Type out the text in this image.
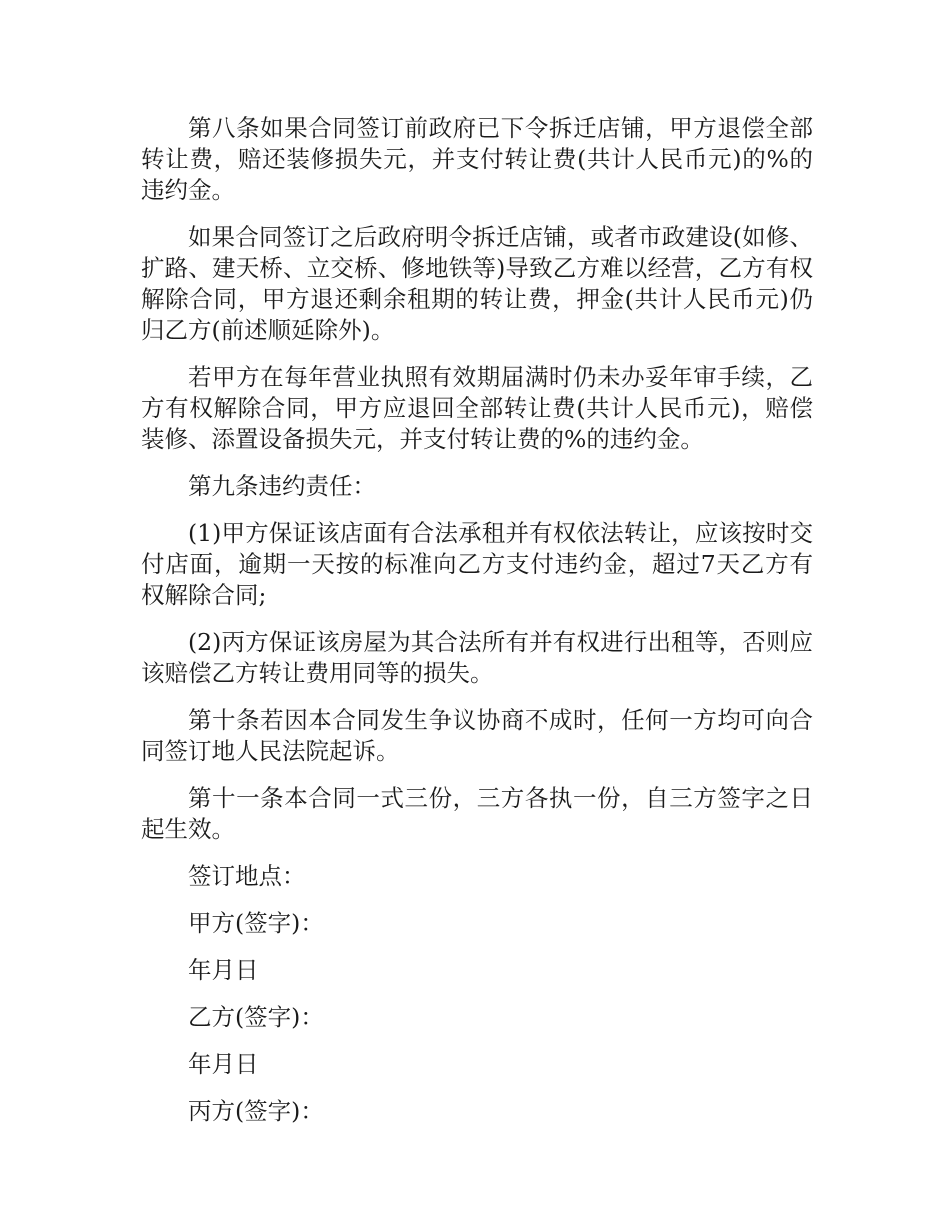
第八条如果合同签订前政府已下令拆迁店铺，甲方退偿全部转让费，赔还装修损失元，并支付转让费(共计人民币元)的%的违约金。

如果合同签订之后政府明令拆迁店铺，或者市政建设(如修、扩路、建天桥、立交桥、修地铁等)导致乙方难以经营，乙方有权解除合同，甲方退还剩余租期的转让费，押金(共计人民币元)仍归乙方(前述顺延除外)。

若甲方在每年营业执照有效期届满时仍未办妥年审手续，乙方有权解除合同，甲方应退回全部转让费(共计人民币元)，赔偿装修、添置设备损失元，并支付转让费的%的违约金。

第九条违约责任：

(1)甲方保证该店面有合法承租并有权依法转让，应该按时交付店面，逾期一天按的标准向乙方支付违约金，超过7天乙方有权解除合同;

(2)丙方保证该房屋为其合法所有并有权进行出租等，否则应该赔偿乙方转让费用同等的损失。

第十条若因本合同发生争议协商不成时，任何一方均可向合同签订地人民法院起诉。

第十一条本合同一式三份，三方各执一份，自三方签字之日起生效。

签订地点：

甲方(签字)：

年月日

乙方(签字)：

年月日

丙方(签字)：
